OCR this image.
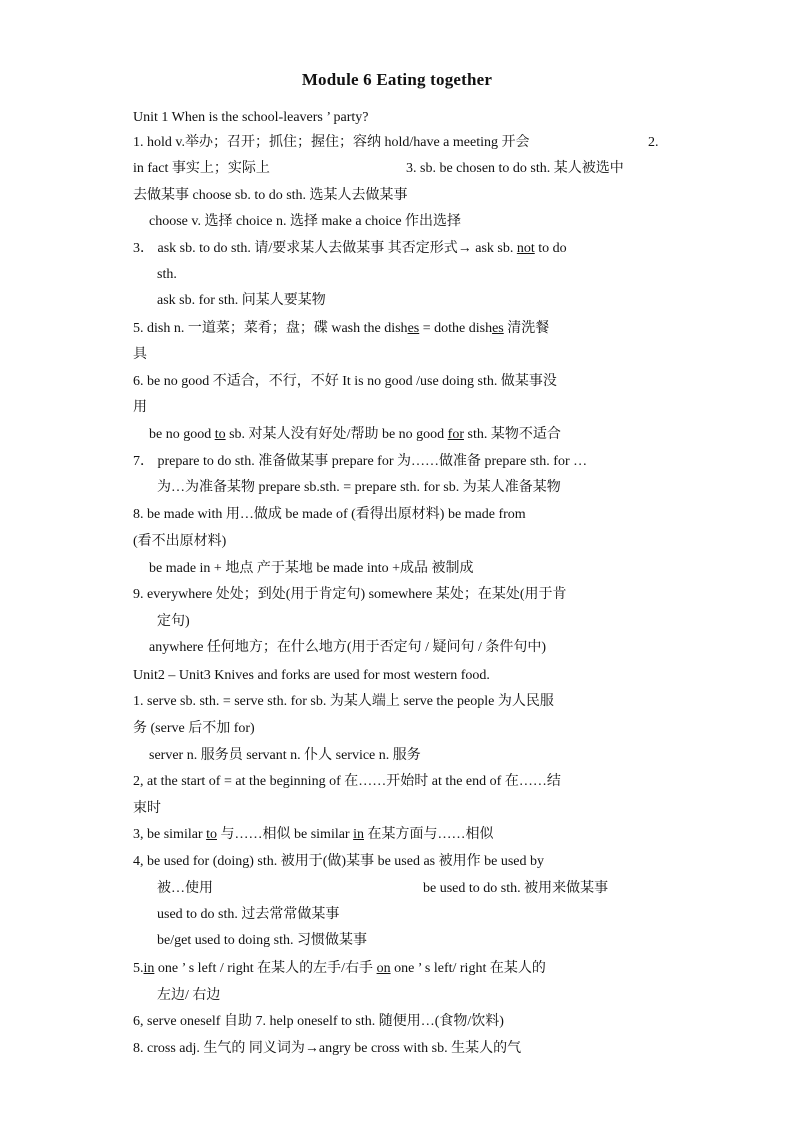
Module 6 Eating together
Unit 1 When is the school-leavers ’ party?
1. hold v.举办；召开；抓住；握住；容纳 hold/have a meeting 开会	2.
in fact 事实上；实际上	3. sb. be chosen to do sth. 某人被选中
去做某事 choose sb. to do sth. 选某人去做某事
choose v. 选择 choice n. 选择 make a choice 作出选择
3． ask sb. to do sth. 请/要求某人去做某事 其否定形式→ ask sb. not to do
sth.
ask sb. for sth. 问某人要某物
5. dish n. 一道菜；菜肴；盘；碟 wash the dishes = dothe dishes 清洗餐
具
6. be no good 不适合，不行，不好 It is no good /use doing sth. 做某事没
用
be no good to sb. 对某人没有好处/帮助 be no good for sth. 某物不适合
7． prepare to do sth. 准备做某事 prepare for 为……做准备 prepare sth. for …
为…为准备某物 prepare sb.sth. = prepare sth. for sb. 为某人准备某物
8. be made with 用…做成 be made of (看得出原材料) be made from
(看不出原材料)
be made in + 地点 产于某地 be made into +成品 被制成
9. everywhere 处处；到处(用于肯定句) somewhere 某处；在某处(用于肯
定句)
anywhere 任何地方；在什么地方(用于否定句 / 疑问句 / 条件句中)
Unit2 – Unit3 Knives and forks are used for most western food.
1. serve sb. sth. = serve sth. for sb. 为某人端上 serve the people 为人民服
务 (serve 后不加 for)
server n. 服务员 servant n. 仆人 service n. 服务
2, at the start of = at the beginning of 在……开始时 at the end of 在……结
束时
3, be similar to 与……相似 be similar in 在某方面与……相似
4, be used for (doing) sth. 被用于(做)某事 be used as 被用作 be used by
被…使用	be used to do sth. 被用来做某事
used to do sth. 过去常常做某事
be/get used to doing sth. 习惯做某事
5.in one ’ s left / right 在某人的左手/右手 on one ’ s left/ right 在某人的
左边/ 右边
6, serve oneself 自助 7. help oneself to sth. 随便用…(食物/饮料)
8. cross adj. 生气的 同义词为→angry be cross with sb. 生某人的气
